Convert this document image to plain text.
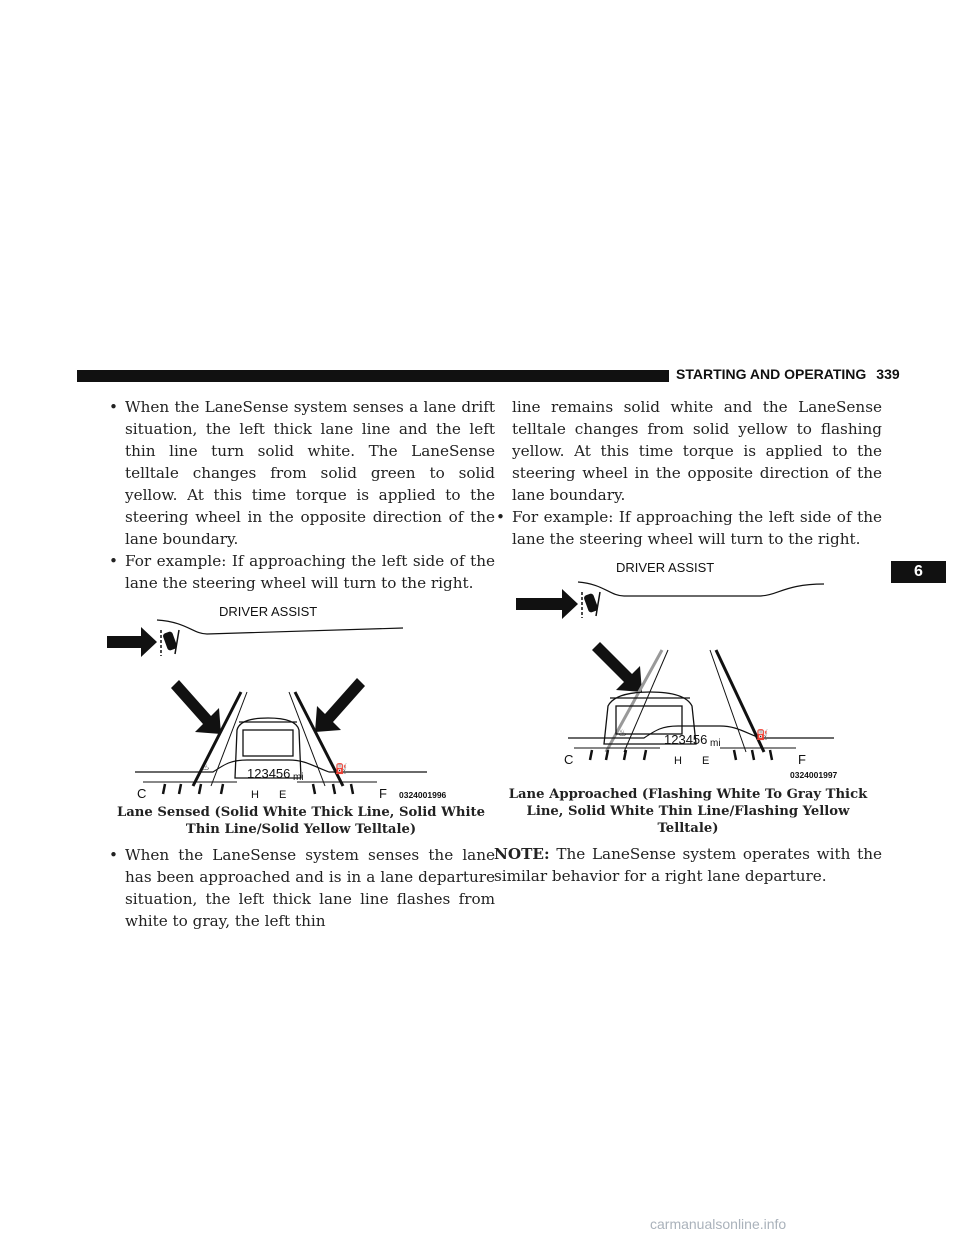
STARTING AND OPERATING 339
6

• When the LaneSense system senses a lane drift situation, the left thick lane line and the left thin line turn solid white. The LaneSense telltale changes from solid green to solid yellow. At this time torque is applied to the steering wheel in the opposite direction of the lane boundary.

• For example: If approaching the left side of the lane the steering wheel will turn to the right.

DRIVER ASSIST
♨	123456 mi
⛽
C	H E	F 0324001996
Lane Sensed (Solid White Thick Line, Solid White Thin Line/Solid Yellow Telltale)

• When the LaneSense system senses the lane has been approached and is in a lane departure situation, the left thick lane line flashes from white to gray, the left thin

line remains solid white and the LaneSense telltale changes from solid yellow to flashing yellow. At this time torque is applied to the steering wheel in the opposite direction of the lane boundary.

• For example: If approaching the left side of the lane the steering wheel will turn to the right.

DRIVER ASSIST
♨	123456 mi
⛽
C	H E	F
0324001997
Lane Approached (Flashing White To Gray Thick Line, Solid White Thin Line/Flashing Yellow Telltale)

NOTE: The LaneSense system operates with the similar behavior for a right lane departure.

carmanualsonline.info
